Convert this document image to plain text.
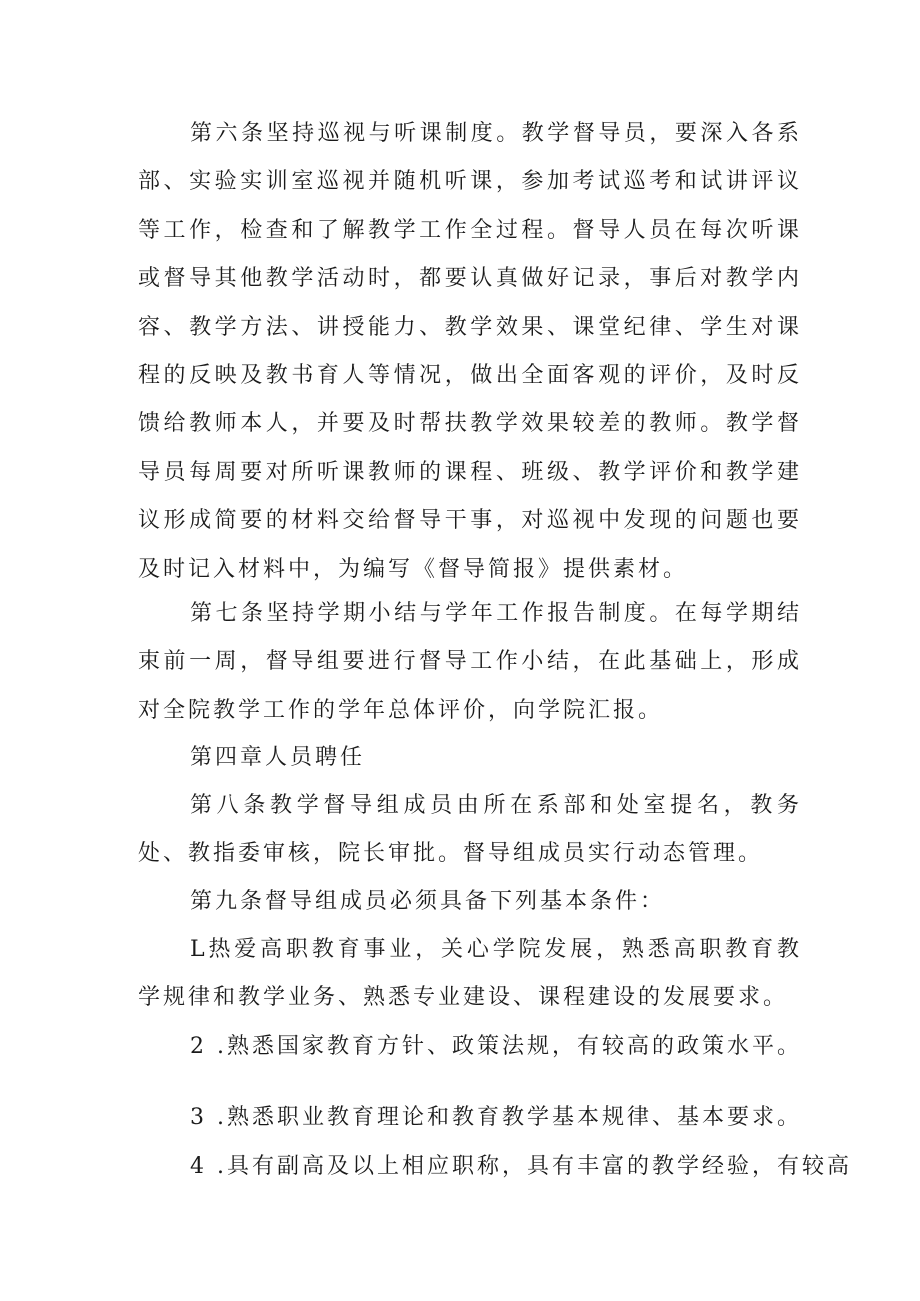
第六条坚持巡视与听课制度。教学督导员，要深入各系部、实验实训室巡视并随机听课，参加考试巡考和试讲评议等工作，检查和了解教学工作全过程。督导人员在每次听课或督导其他教学活动时，都要认真做好记录，事后对教学内容、教学方法、讲授能力、教学效果、课堂纪律、学生对课程的反映及教书育人等情况，做出全面客观的评价，及时反馈给教师本人，并要及时帮扶教学效果较差的教师。教学督导员每周要对所听课教师的课程、班级、教学评价和教学建议形成简要的材料交给督导干事，对巡视中发现的问题也要及时记入材料中，为编写《督导简报》提供素材。

第七条坚持学期小结与学年工作报告制度。在每学期结束前一周，督导组要进行督导工作小结，在此基础上，形成对全院教学工作的学年总体评价，向学院汇报。

第四章人员聘任

第八条教学督导组成员由所在系部和处室提名，教务处、教指委审核，院长审批。督导组成员实行动态管理。

第九条督导组成员必须具备下列基本条件：

L热爱高职教育事业，关心学院发展，熟悉高职教育教学规律和教学业务、熟悉专业建设、课程建设的发展要求。

2 .熟悉国家教育方针、政策法规，有较高的政策水平。

3 .熟悉职业教育理论和教育教学基本规律、基本要求。

4 .具有副高及以上相应职称，具有丰富的教学经验，有较高
